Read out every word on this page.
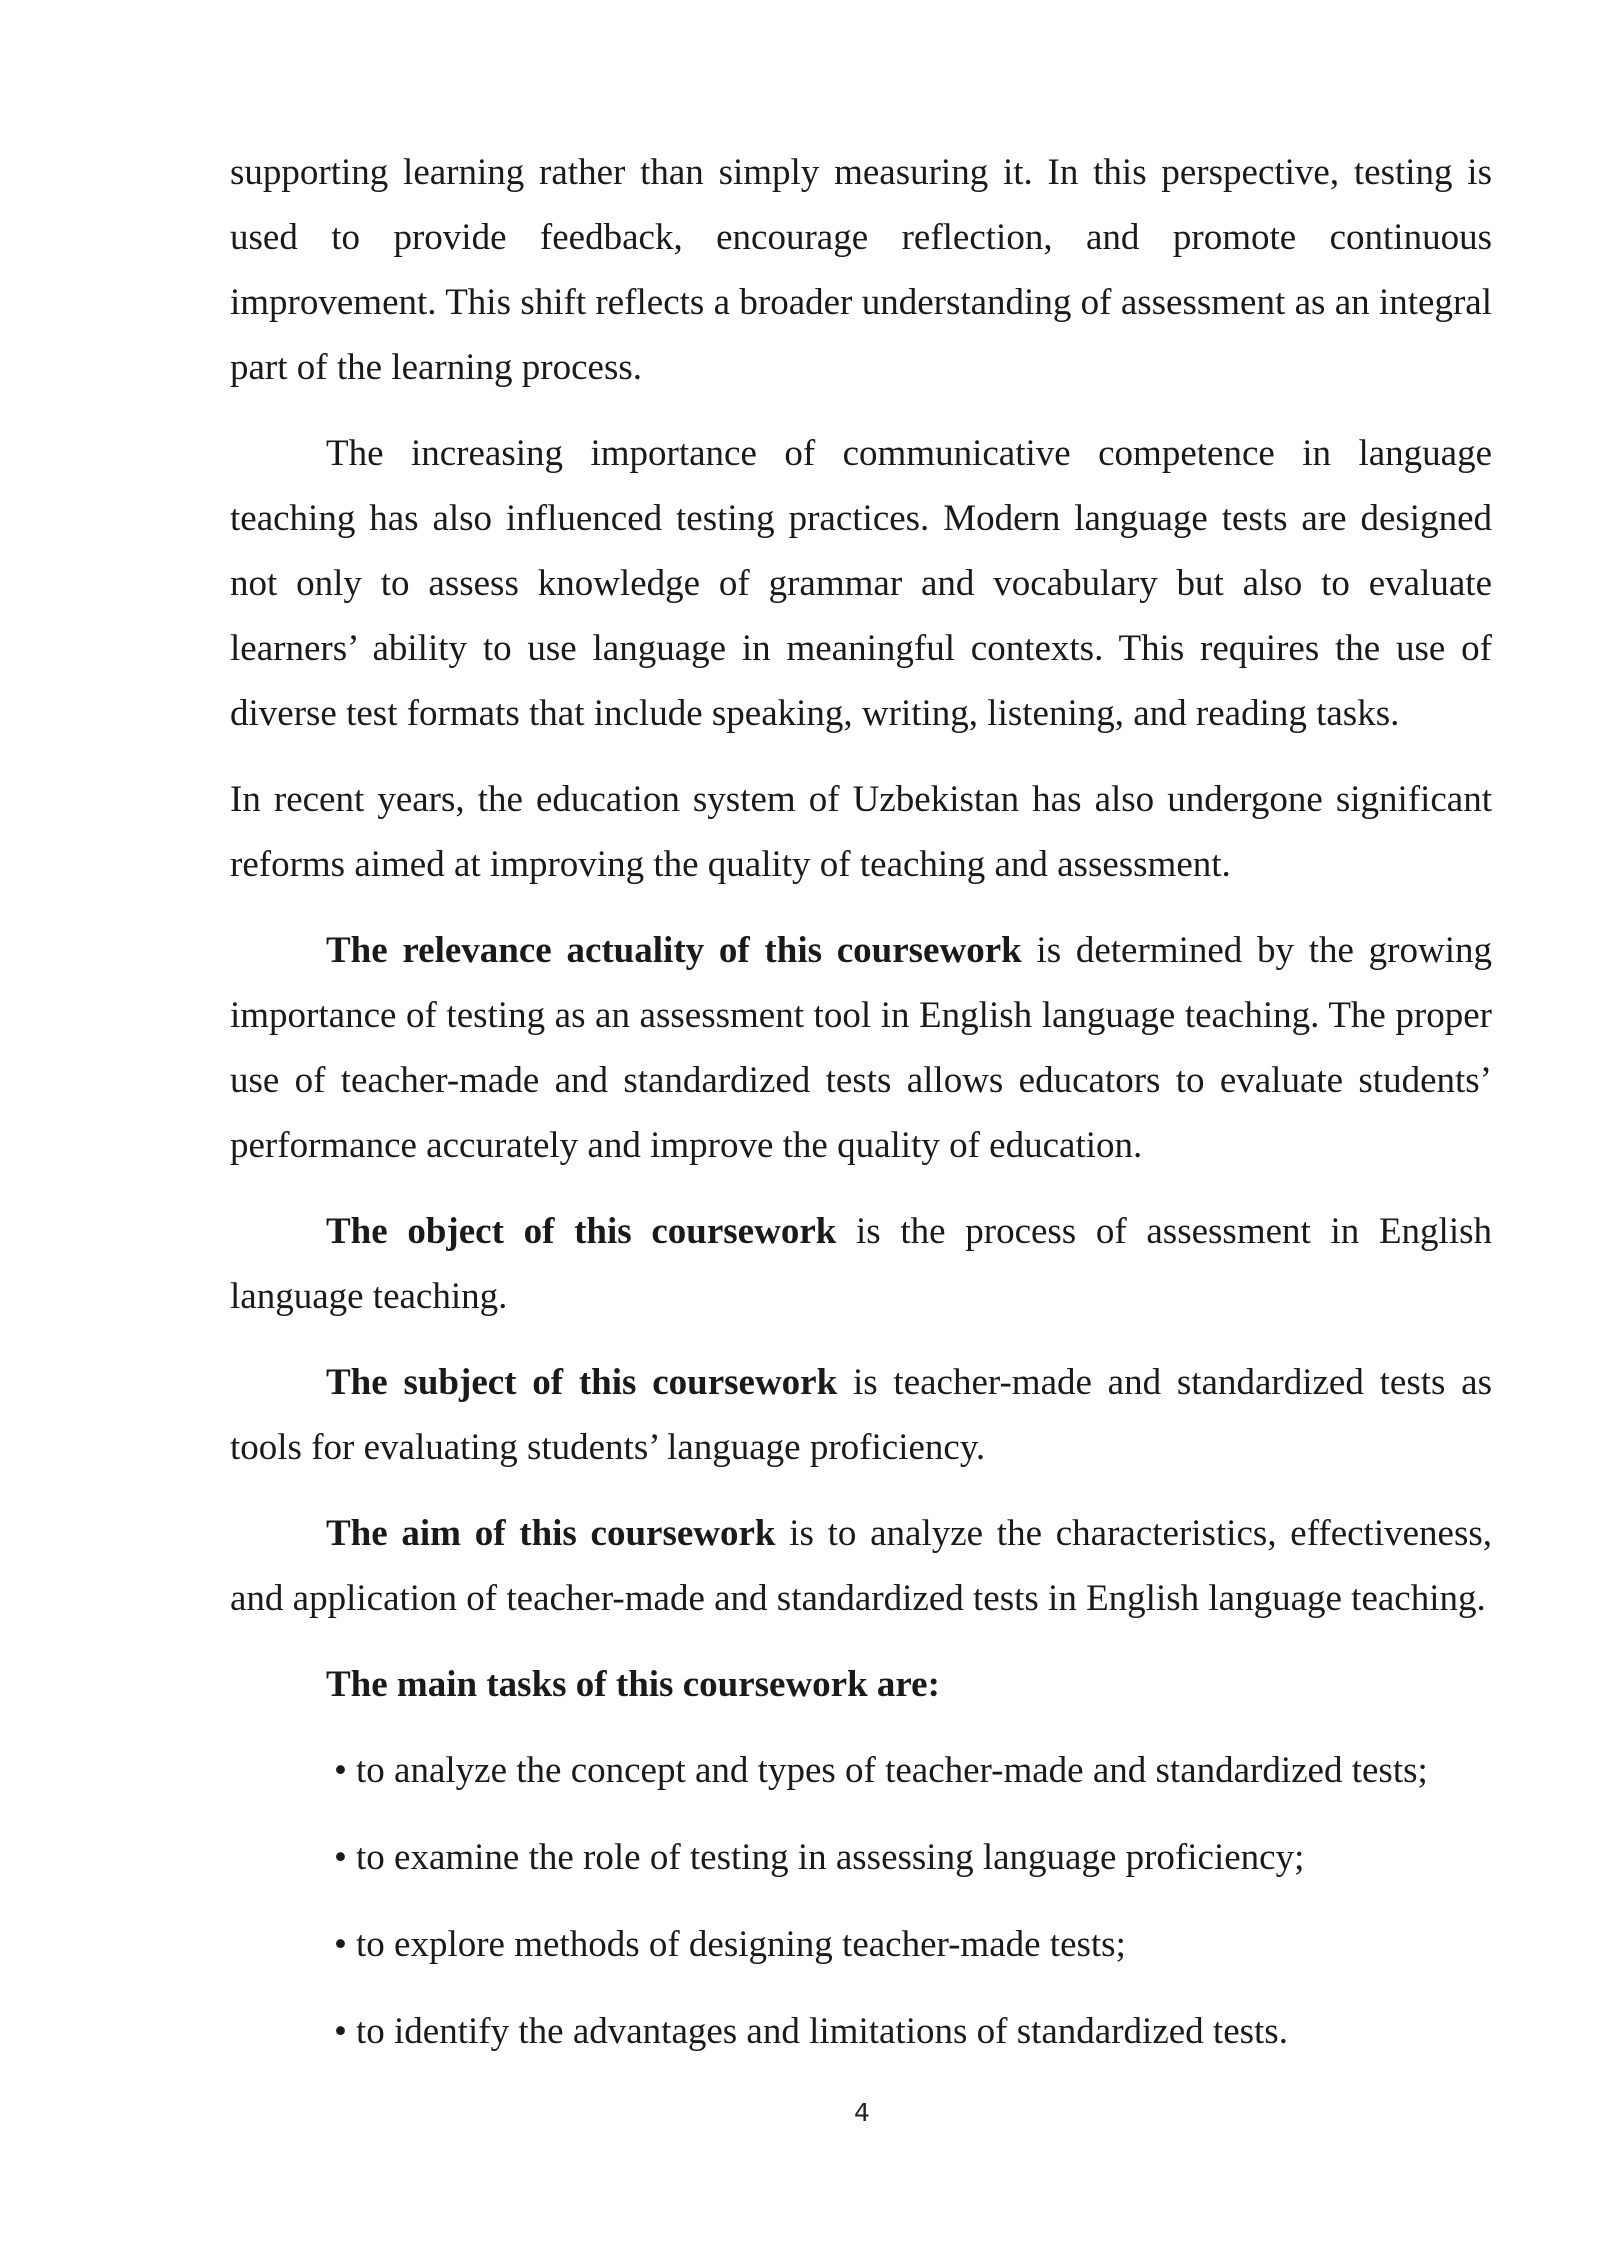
supporting learning rather than simply measuring it. In this perspective, testing is used to provide feedback, encourage reflection, and promote continuous improvement. This shift reflects a broader understanding of assessment as an integral part of the learning process.

The increasing importance of communicative competence in language teaching has also influenced testing practices. Modern language tests are designed not only to assess knowledge of grammar and vocabulary but also to evaluate learners’ ability to use language in meaningful contexts. This requires the use of diverse test formats that include speaking, writing, listening, and reading tasks.

In recent years, the education system of Uzbekistan has also undergone significant reforms aimed at improving the quality of teaching and assessment.

The relevance actuality of this coursework is determined by the growing importance of testing as an assessment tool in English language teaching. The proper use of teacher-made and standardized tests allows educators to evaluate students’ performance accurately and improve the quality of education.

The object of this coursework is the process of assessment in English language teaching.

The subject of this coursework is teacher-made and standardized tests as tools for evaluating students’ language proficiency.

The aim of this coursework is to analyze the characteristics, effectiveness, and application of teacher-made and standardized tests in English language teaching.

The main tasks of this coursework are:

• to analyze the concept and types of teacher-made and standardized tests;
• to examine the role of testing in assessing language proficiency;
• to explore methods of designing teacher-made tests;
• to identify the advantages and limitations of standardized tests.
4
